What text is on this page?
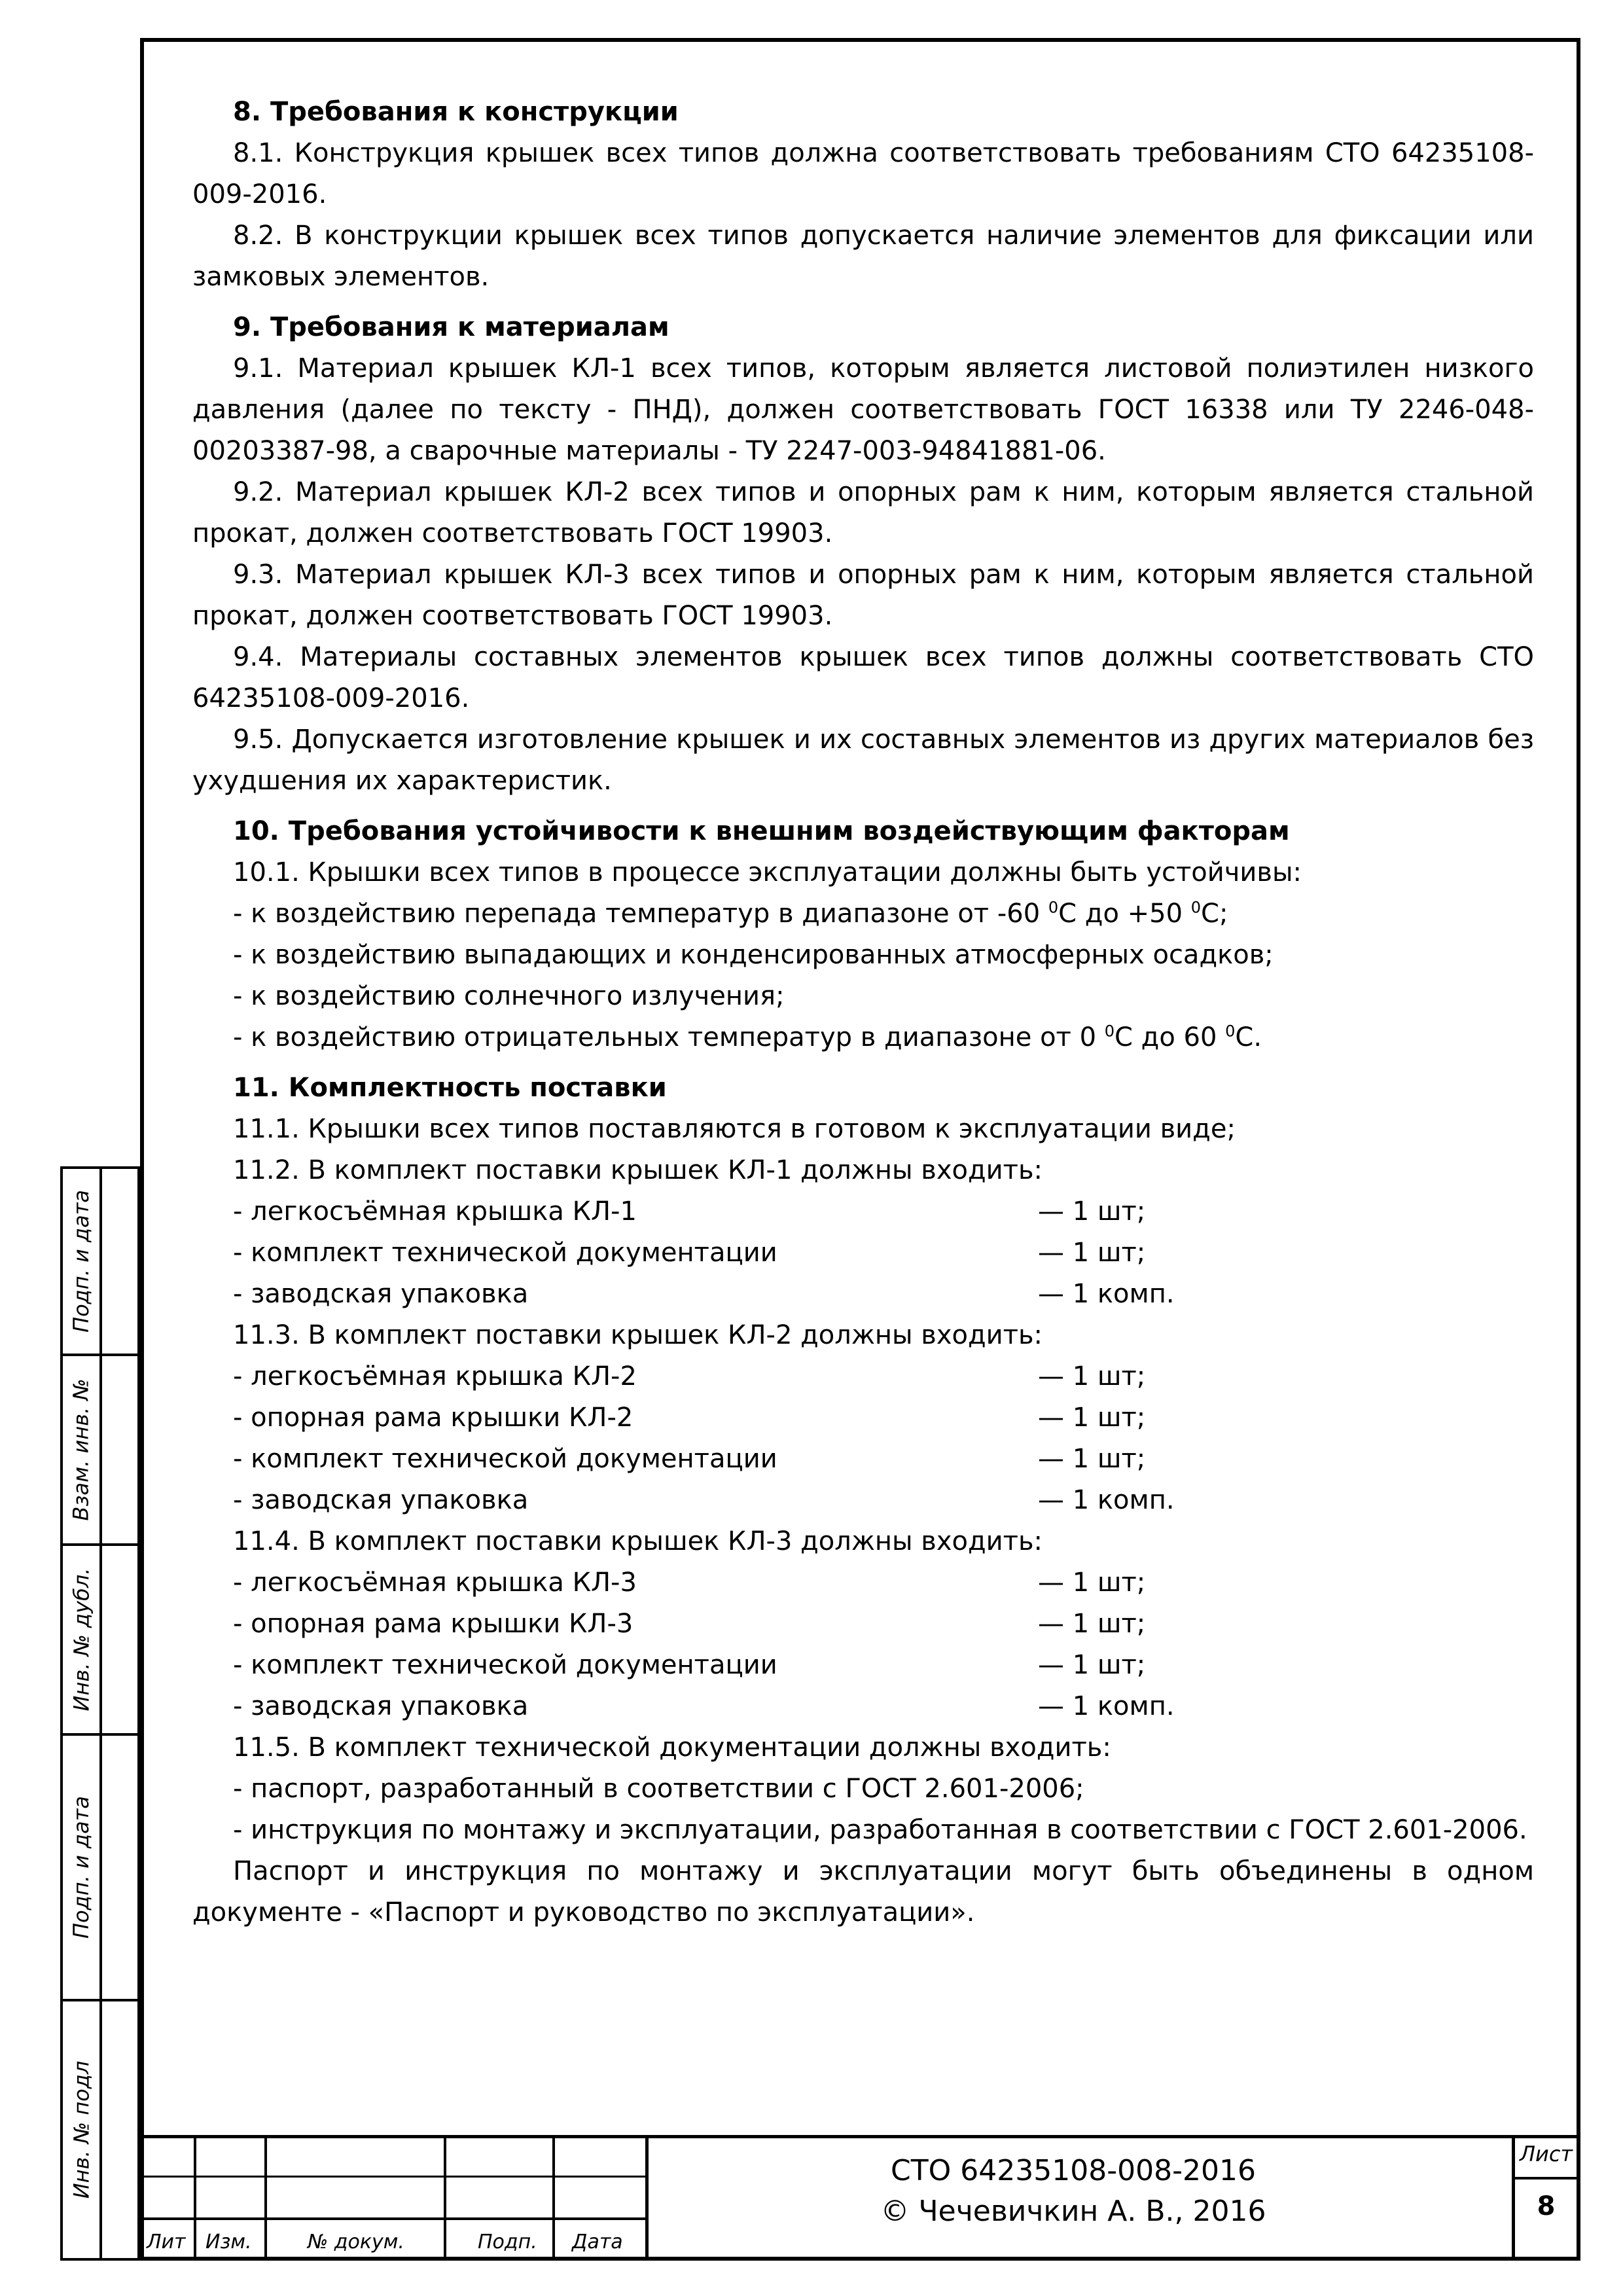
8. Требования к конструкции

8.1. Конструкция крышек всех типов должна соответствовать требованиям СТО 64235108-009-2016.

8.2. В конструкции крышек всех типов допускается наличие элементов для фиксации или замковых элементов.

9. Требования к материалам

9.1. Материал крышек КЛ-1 всех типов, которым является листовой полиэтилен низкого давления (далее по тексту - ПНД), должен соответствовать ГОСТ 16338 или ТУ 2246-048-00203387-98, а сварочные материалы - ТУ 2247-003-94841881-06.

9.2. Материал крышек КЛ-2 всех типов и опорных рам к ним, которым является стальной прокат, должен соответствовать ГОСТ 19903.

9.3. Материал крышек КЛ-3 всех типов и опорных рам к ним, которым является стальной прокат, должен соответствовать ГОСТ 19903.

9.4. Материалы составных элементов крышек всех типов должны соответствовать СТО 64235108-009-2016.

9.5. Допускается изготовление крышек и их составных элементов из других материалов без ухудшения их характеристик.

10. Требования устойчивости к внешним воздействующим факторам

10.1. Крышки всех типов в процессе эксплуатации должны быть устойчивы:

- к воздействию перепада температур в диапазоне от -60 $^0$С до +50 $^0$С;

- к воздействию выпадающих и конденсированных атмосферных осадков;

- к воздействию солнечного излучения;

- к воздействию отрицательных температур в диапазоне от 0 $^0$С до 60 $^0$С.

11. Комплектность поставки

11.1. Крышки всех типов поставляются в готовом к эксплуатации виде;

11.2. В комплект поставки крышек КЛ-1 должны входить:

- легкосъёмная крышка КЛ-1	— 1 шт;
- комплект технической документации	— 1 шт;
- заводская упаковка	— 1 комп.

11.3. В комплект поставки крышек КЛ-2 должны входить:

- легкосъёмная крышка КЛ-2	— 1 шт;
- опорная рама крышки КЛ-2	— 1 шт;
- комплект технической документации	— 1 шт;
- заводская упаковка	— 1 комп.

11.4. В комплект поставки крышек КЛ-3 должны входить:

- легкосъёмная крышка КЛ-3	— 1 шт;
- опорная рама крышки КЛ-3	— 1 шт;
- комплект технической документации	— 1 шт;
- заводская упаковка	— 1 комп.

11.5. В комплект технической документации должны входить:

- паспорт, разработанный в соответствии с ГОСТ 2.601-2006;

- инструкция по монтажу и эксплуатации, разработанная в соответствии с ГОСТ 2.601-2006.

Паспорт и инструкция по монтажу и эксплуатации могут быть объединены в одном документе - «Паспорт и руководство по эксплуатации».

Подп. и дата
Взам. инв. №
Инв. № дубл.
Подп. и дата
Инв. № подл
Лит Изм.	№ докум.	Подп. Дата
СТО 64235108-008-2016
© Чечевичкин А. В., 2016
Лист
8
